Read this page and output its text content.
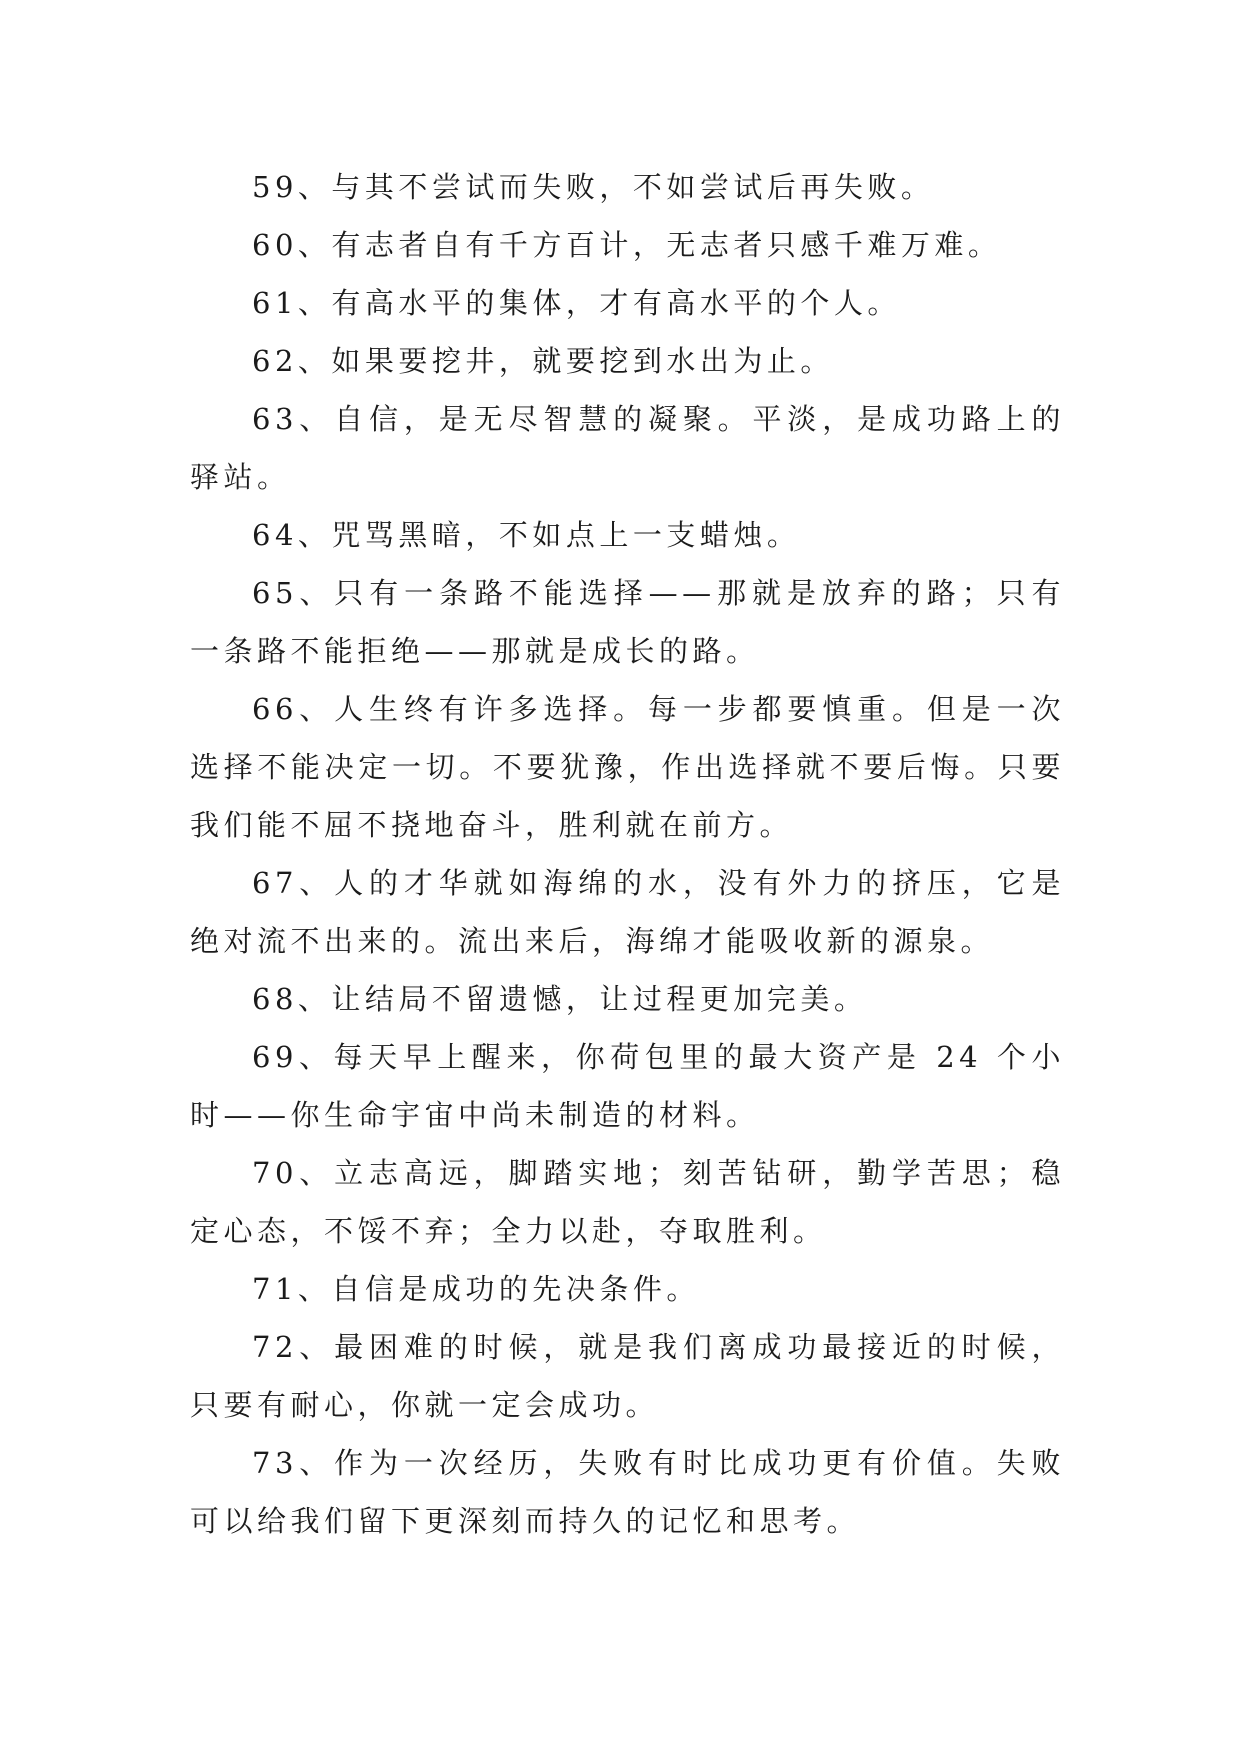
59、与其不尝试而失败，不如尝试后再失败。

60、有志者自有千方百计，无志者只感千难万难。

61、有高水平的集体，才有高水平的个人。

62、如果要挖井，就要挖到水出为止。

63、自信，是无尽智慧的凝聚。平淡，是成功路上的驿站。

64、咒骂黑暗，不如点上一支蜡烛。

65、只有一条路不能选择——那就是放弃的路；只有一条路不能拒绝——那就是成长的路。

66、人生终有许多选择。每一步都要慎重。但是一次选择不能决定一切。不要犹豫，作出选择就不要后悔。只要我们能不屈不挠地奋斗，胜利就在前方。

67、人的才华就如海绵的水，没有外力的挤压，它是绝对流不出来的。流出来后，海绵才能吸收新的源泉。

68、让结局不留遗憾，让过程更加完美。

69、每天早上醒来，你荷包里的最大资产是 24 个小时——你生命宇宙中尚未制造的材料。

70、立志高远，脚踏实地；刻苦钻研，勤学苦思；稳定心态，不馁不弃；全力以赴，夺取胜利。

71、自信是成功的先决条件。

72、最困难的时候，就是我们离成功最接近的时候，只要有耐心，你就一定会成功。

73、作为一次经历，失败有时比成功更有价值。失败可以给我们留下更深刻而持久的记忆和思考。
